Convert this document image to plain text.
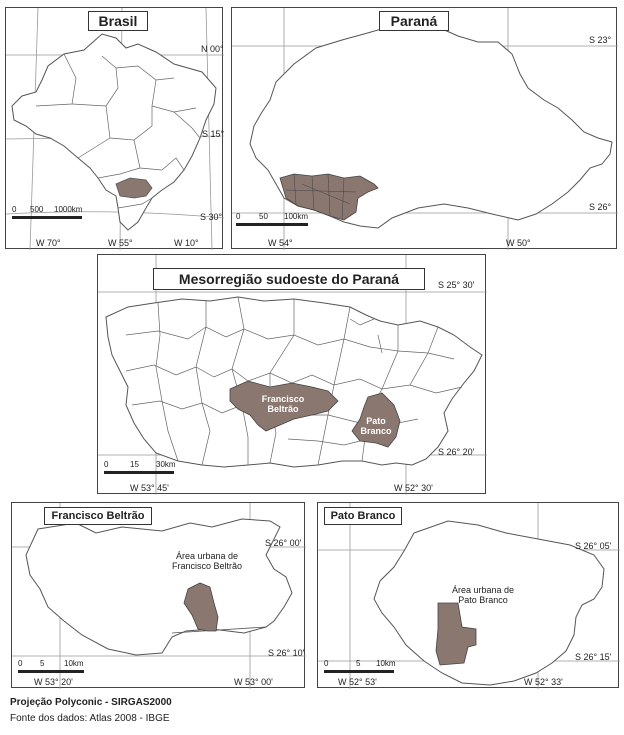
Brasil
N 00°
S 15°
S 30°
W 70°	W 55°	W 10°
0 500 1000km
Paraná
S 23°
S 26°
W 54°	W 50°
0 50 100km
Mesorregião sudoeste do Paraná
Francisco
Beltrão
Pato
Branco
S 25° 30'
S 26° 20'
W 53° 45'	W 52° 30'
0	15 30km
Francisco Beltrão
Área urbana de
Francisco Beltrão
S 26° 00'
S 26° 10'
W 53° 20'	W 53° 00'
0 5 10km
Pato Branco
Área urbana de
Pato Branco
S 26° 05'
S 26° 15'
W 52° 53'	W 52° 33'
0	5 10km
Projeção Polyconic - SIRGAS2000
Fonte dos dados: Atlas 2008 - IBGE
